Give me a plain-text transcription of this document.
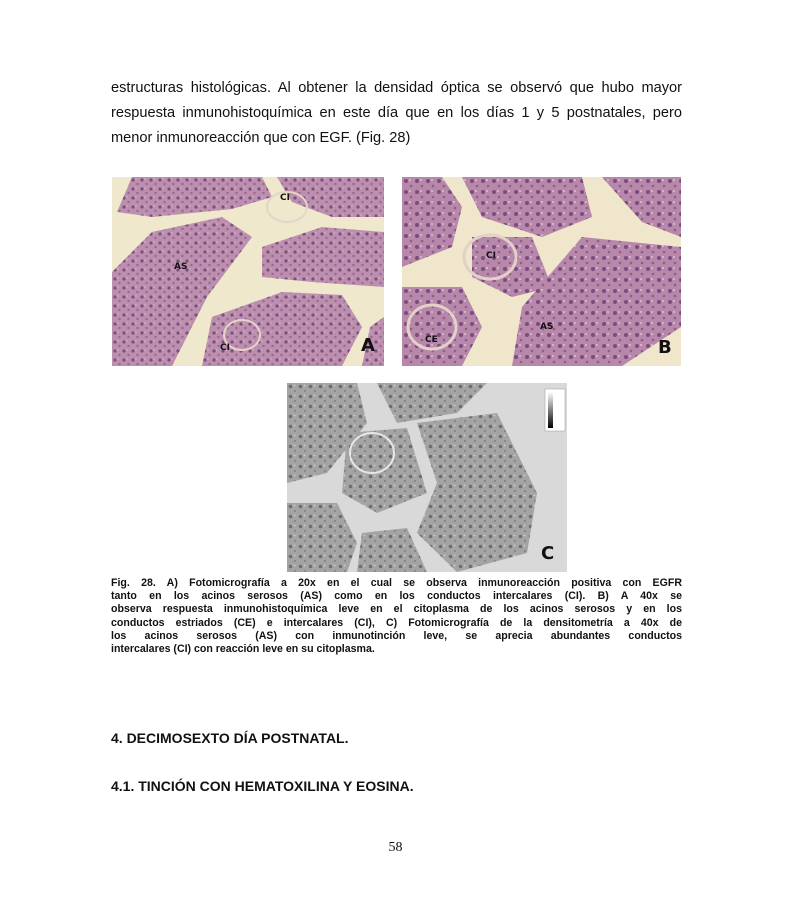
estructuras histológicas. Al obtener la densidad óptica se observó que hubo mayor
respuesta inmunohistoquímica en este día que en los días 1 y 5 postnatales, pero
menor inmunoreacción que con EGF. (Fig. 28)
CI
AS
CI	A
CI
CE
AS
B
C
Fig. 28. A) Fotomicrografía a 20x en el cual se observa inmunoreacción positiva con EGFR
tanto en los acinos serosos (AS) como en los conductos intercalares (CI). B) A 40x se
observa respuesta inmunohistoquímica leve en el citoplasma de los acinos serosos y en los
conductos estriados (CE) e intercalares (CI), C) Fotomicrografía de la densitometría a 40x de
los acinos serosos (AS) con inmunotinción leve, se aprecia abundantes conductos
intercalares (CI) con reacción leve en su citoplasma.
4. DECIMOSEXTO DÍA POSTNATAL.
4.1. TINCIÓN CON HEMATOXILINA Y EOSINA.
58
